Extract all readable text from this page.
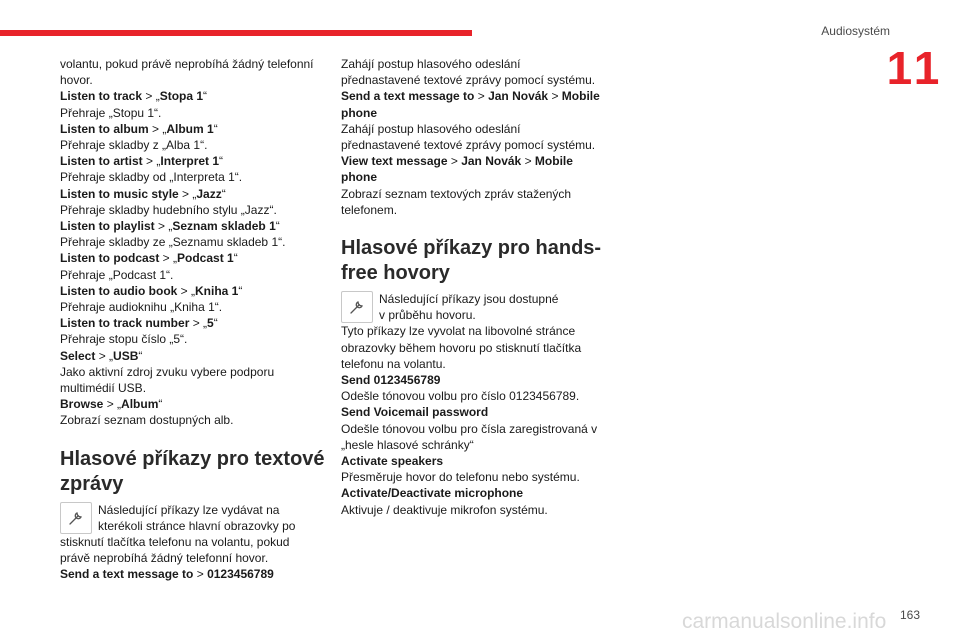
Audiosystém
11
volantu, pokud právě neprobíhá žádný telefonní
hovor.
Listen to track > „Stopa 1“
Přehraje „Stopu 1“.
Listen to album > „Album 1“
Přehraje skladby z „Alba 1“.
Listen to artist > „Interpret 1“
Přehraje skladby od „Interpreta 1“.
Listen to music style > „Jazz“
Přehraje skladby hudebního stylu „Jazz“.
Listen to playlist > „Seznam skladeb 1“
Přehraje skladby ze „Seznamu skladeb 1“.
Listen to podcast > „Podcast 1“
Přehraje „Podcast 1“.
Listen to audio book > „Kniha 1“
Přehraje audioknihu „Kniha 1“.
Listen to track number > „5“
Přehraje stopu číslo „5“.
Select > „USB“
Jako aktivní zdroj zvuku vybere podporu
multimédií USB.
Browse > „Album“
Zobrazí seznam dostupných alb.
Hlasové příkazy pro textové
zprávy
Následující příkazy lze vydávat na
kterékoli stránce hlavní obrazovky po
stisknutí tlačítka telefonu na volantu, pokud
právě neprobíhá žádný telefonní hovor.
Send a text message to > 0123456789
Zahájí postup hlasového odeslání
přednastavené textové zprávy pomocí systému.
Send a text message to > Jan Novák > Mobile
phone
Zahájí postup hlasového odeslání
přednastavené textové zprávy pomocí systému.
View text message > Jan Novák > Mobile
phone
Zobrazí seznam textových zpráv stažených
telefonem.
Hlasové příkazy pro hands-
free hovory
Následující příkazy jsou dostupné
v průběhu hovoru.
Tyto příkazy lze vyvolat na libovolné stránce
obrazovky během hovoru po stisknutí tlačítka
telefonu na volantu.
Send 0123456789
Odešle tónovou volbu pro číslo 0123456789.
Send Voicemail password
Odešle tónovou volbu pro čísla zaregistrovaná v
„hesle hlasové schránky“
Activate speakers
Přesměruje hovor do telefonu nebo systému.
Activate/Deactivate microphone
Aktivuje / deaktivuje mikrofon systému.
carmanualsonline.info 163
